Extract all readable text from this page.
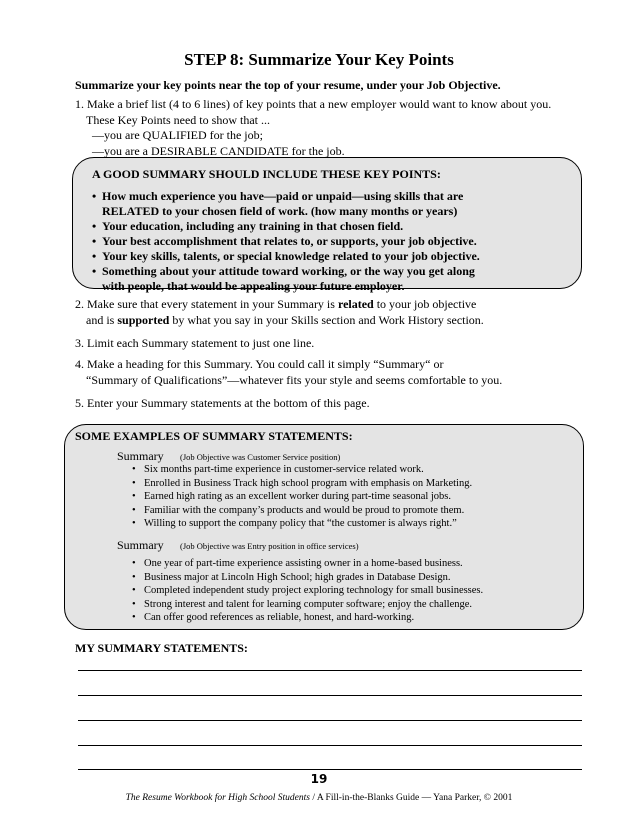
STEP 8: Summarize Your Key Points
Summarize your key points near the top of your resume, under your Job Objective.
1. Make a brief list (4 to 6 lines) of key points that a new employer would want to know about you.
These Key Points need to show that ...
—you are QUALIFIED for the job;
—you are a DESIRABLE CANDIDATE for the job.
A GOOD SUMMARY SHOULD INCLUDE THESE KEY POINTS:
• How much experience you have—paid or unpaid—using skills that are
RELATED to your chosen field of work. (how many months or years)
• Your education, including any training in that chosen field.
• Your best accomplishment that relates to, or supports, your job objective.
• Your key skills, talents, or special knowledge related to your job objective.
• Something about your attitude toward working, or the way you get along
with people, that would be appealing your future employer.
2. Make sure that every statement in your Summary is related to your job objective
and is supported by what you say in your Skills section and Work History section.
3. Limit each Summary statement to just one line.
4. Make a heading for this Summary. You could call it simply “Summary“ or
“Summary of Qualifications”—whatever fits your style and seems comfortable to you.
5. Enter your Summary statements at the bottom of this page.
SOME EXAMPLES OF SUMMARY STATEMENTS:
Summary (Job Objective was Customer Service position)
• Six months part-time experience in customer-service related work.
• Enrolled in Business Track high school program with emphasis on Marketing.
• Earned high rating as an excellent worker during part-time seasonal jobs.
• Familiar with the company’s products and would be proud to promote them.
• Willing to support the company policy that “the customer is always right.”
Summary (Job Objective was Entry position in office services)
• One year of part-time experience assisting owner in a home-based business.
• Business major at Lincoln High School; high grades in Database Design.
• Completed independent study project exploring technology for small businesses.
• Strong interest and talent for learning computer software; enjoy the challenge.
• Can offer good references as reliable, honest, and hard-working.
MY SUMMARY STATEMENTS:
19
The Resume Workbook for High School Students / A Fill-in-the-Blanks Guide — Yana Parker, © 2001
